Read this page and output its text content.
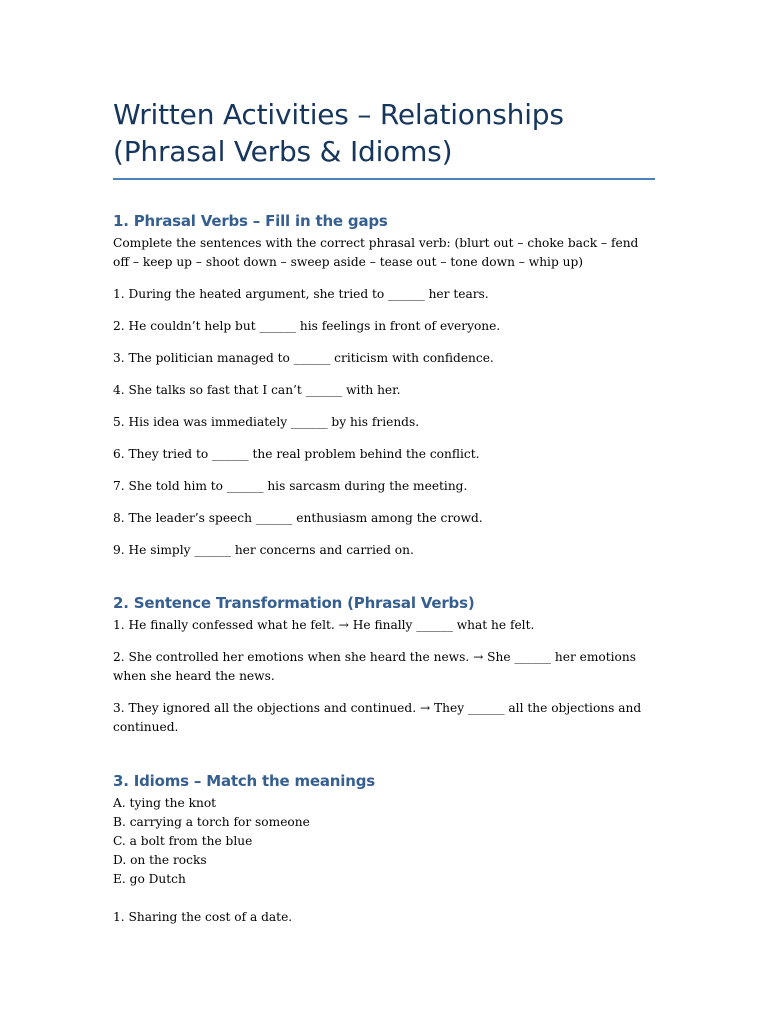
Written Activities – Relationships
(Phrasal Verbs & Idioms)
1. Phrasal Verbs – Fill in the gaps

Complete the sentences with the correct phrasal verb: (blurt out – choke back – fend off – keep up – shoot down – sweep aside – tease out – tone down – whip up)

1. During the heated argument, she tried to ______ her tears.

2. He couldn’t help but ______ his feelings in front of everyone.

3. The politician managed to ______ criticism with confidence.

4. She talks so fast that I can’t ______ with her.

5. His idea was immediately ______ by his friends.

6. They tried to ______ the real problem behind the conflict.

7. She told him to ______ his sarcasm during the meeting.

8. The leader’s speech ______ enthusiasm among the crowd.

9. He simply ______ her concerns and carried on.

2. Sentence Transformation (Phrasal Verbs)

1. He finally confessed what he felt. → He finally ______ what he felt.

2. She controlled her emotions when she heard the news. → She ______ her emotions when she heard the news.

3. They ignored all the objections and continued. → They ______ all the objections and continued.

3. Idioms – Match the meanings
A. tying the knot
B. carrying a torch for someone
C. a bolt from the blue
D. on the rocks
E. go Dutch

1. Sharing the cost of a date.
